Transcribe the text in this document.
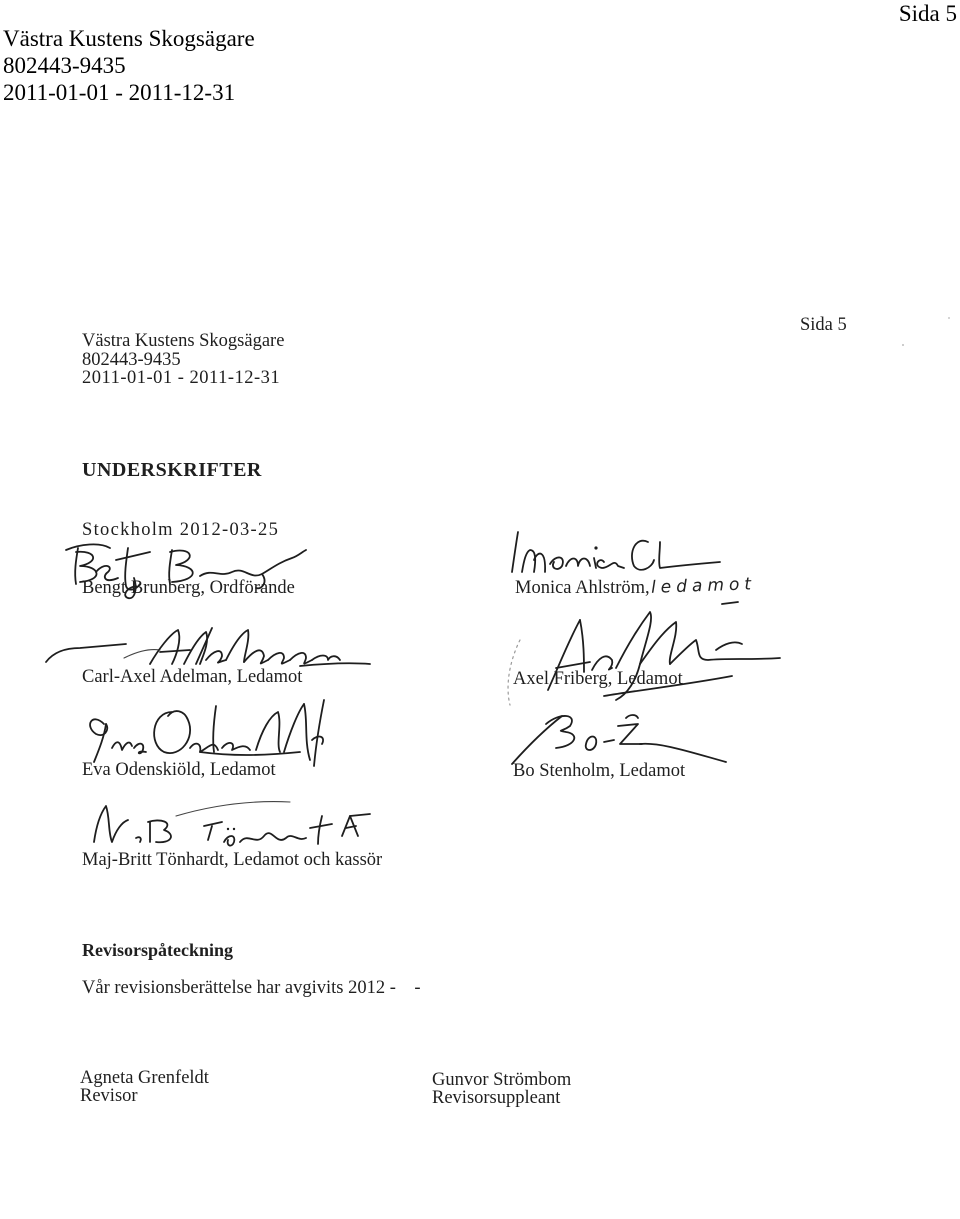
Västra Kustens Skogsägare
802443-9435
2011-01-01 - 2011-12-31
Sida 5
Västra Kustens Skogsägare
802443-9435
2011-01-01 - 2011-12-31
Sida 5
UNDERSKRIFTER
Stockholm 2012-03-25
Bengt Brunberg, Ordförande	Monica Ahlström, ledamot
Carl-Axel Adelman, Ledamot	Axel Friberg, Ledamot
Eva Odenskiöld, Ledamot	Bo Stenholm, Ledamot
Maj-Britt Tönhardt, Ledamot och kassör
Revisorspåteckning
Vår revisionsberättelse har avgivits 2012 -    -
Agneta Grenfeldt
Revisor
Gunvor Strömbom
Revisorsuppleant
